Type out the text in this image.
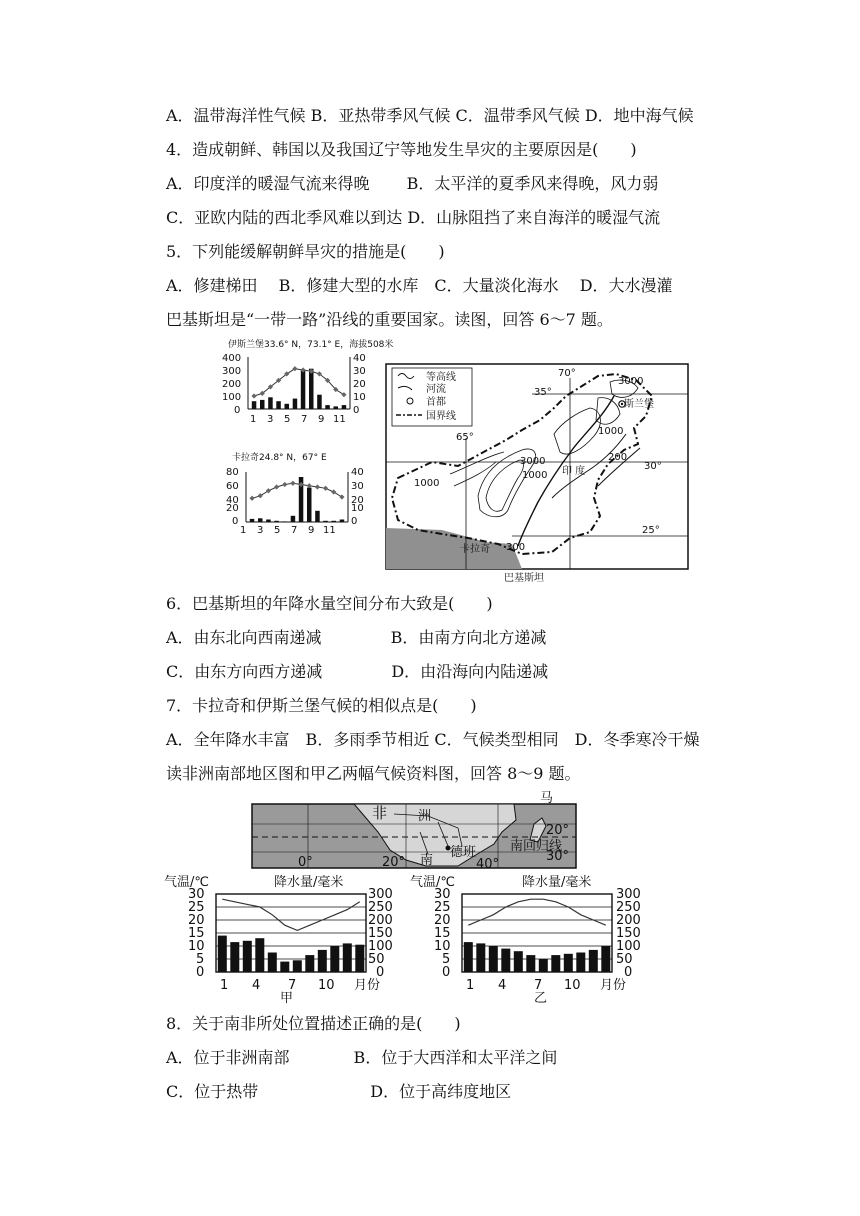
A．温带海洋性气候 B．亚热带季风气候 C．温带季风气候 D．地中海气候
4．造成朝鲜、韩国以及我国辽宁等地发生旱灾的主要原因是(　　)
A．印度洋的暖湿气流来得晚　　 B．太平洋的夏季风来得晚，风力弱
C．亚欧内陆的西北季风难以到达 D．山脉阻挡了来自海洋的暖湿气流
5．下列能缓解朝鲜旱灾的措施是(　　)
A．修建梯田　 B．修建大型的水库　C．大量淡化海水　 D．大水漫灌
巴基斯坦是“一带一路”沿线的重要国家。读图，回答 6～7 题。
伊斯兰堡33.6° N，73.1° E，海拔508米
400
300
200
100
0
40
30
20
10
0
1 3 5 7 9 11
卡拉奇24.8° N，67° E
80
60
40
20
0
40
30
20
10
0
1 3 5 7 9 11
等高线
河流
首都
国界线
70°
35°
65°
30°
25°
3000
1000
3000
1000
200
1000
300
斯兰堡
印 度
卡拉奇
巴基斯坦
6．巴基斯坦的年降水量空间分布大致是(　　)
A．由东北向西南递减　　　　 B．由南方向北方递减
C．由东方向西方递减　　　　 D．由沿海向内陆递减
7．卡拉奇和伊斯兰堡气候的相似点是(　　)
A．全年降水丰富　B．多雨季节相近 C．气候类型相同　D．冬季寒冷干燥
读非洲南部地区图和甲乙两幅气候资料图，回答 8～9 题。
非 洲
南
德班
20°
30°
0°	20°	40°
马
南回归线
气温/℃	降水量/毫米
30
25
20
15
10
5
0
300
250
200
150
100
50
0
1 4 7 10 月份
甲
气温/℃	降水量/毫米
30
25
20
15
10
5
0
300
250
200
150
100
50
0
1 4 7 10 月份
乙
8．关于南非所处位置描述正确的是(　　)
A．位于非洲南部　　　　B．位于大西洋和太平洋之间
C．位于热带　　　　　　　D．位于高纬度地区
